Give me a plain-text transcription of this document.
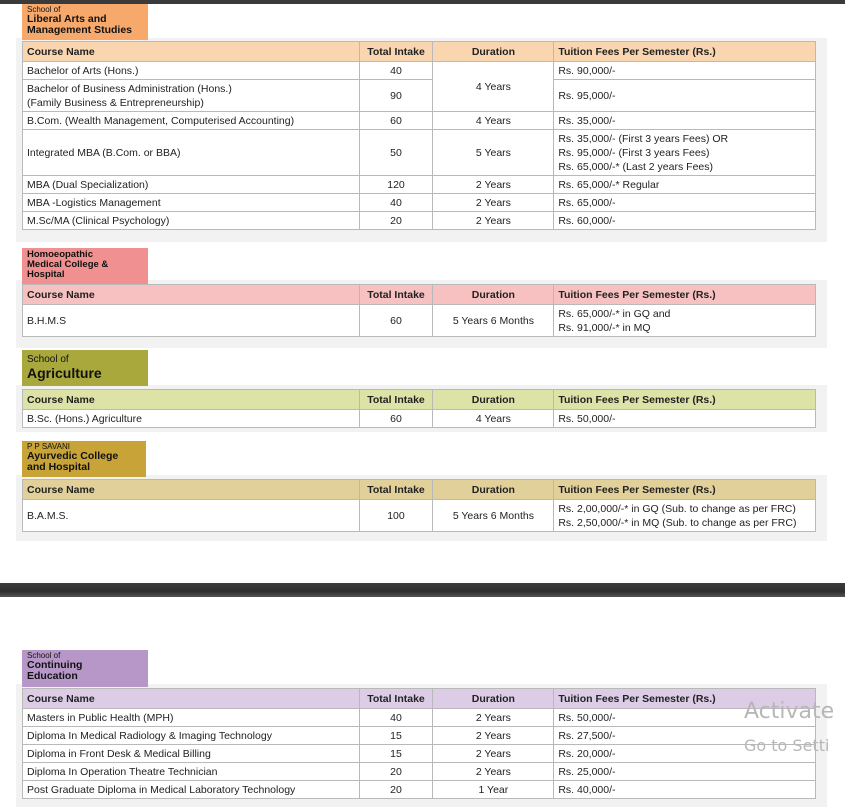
School of
Liberal Arts and
Management Studies
Course Name	Total Intake	Duration	Tuition Fees Per Semester (Rs.)
Bachelor of Arts (Hons.)	40	4 Years	Rs. 90,000/-

Bachelor of Business Administration (Hons.)
(Family Business & Entrepreneurship)	90		Rs. 95,000/-
B.Com. (Wealth Management, Computerised Accounting)	60	4 Years	Rs. 35,000/-
Integrated MBA (B.Com. or BBA)	50	5 Years	Rs. 35,000/- (First 3 years Fees) OR
Rs. 95,000/- (First 3 years Fees)
Rs. 65,000/-* (Last 2 years Fees)

MBA (Dual Specialization)	120	2 Years	Rs. 65,000/-* Regular
MBA -Logistics Management	40	2 Years	Rs. 65,000/-
M.Sc/MA (Clinical Psychology)	20	2 Years	Rs. 60,000/-
Homoeopathic
Medical College &
Hospital
Course Name	Total Intake	Duration	Tuition Fees Per Semester (Rs.)
B.H.M.S	60	5 Years 6 Months	Rs. 65,000/-* in GQ and
Rs. 91,000/-* in MQ
School of
Agriculture
Course Name	Total Intake	Duration	Tuition Fees Per Semester (Rs.)
B.Sc. (Hons.) Agriculture	60	4 Years	Rs. 50,000/-
P P SAVANI
Ayurvedic College
and Hospital
Course Name	Total Intake	Duration	Tuition Fees Per Semester (Rs.)
B.A.M.S.	100	5 Years 6 Months	Rs. 2,00,000/-* in GQ (Sub. to change as per FRC)
Rs. 2,50,000/-* in MQ (Sub. to change as per FRC)
School of
Continuing
Education
Course Name	Total Intake	Duration	Tuition Fees Per Semester (Rs.)
Masters in Public Health (MPH)	40	2 Years	Rs. 50,000/-
Diploma In Medical Radiology & Imaging Technology	15	2 Years	Rs. 27,500/-
Diploma in Front Desk & Medical Billing	15	2 Years	Rs. 20,000/-
Diploma In Operation Theatre Technician	20	2 Years	Rs. 25,000/-
Post Graduate Diploma in Medical Laboratory Technology	20	1 Year	Rs. 40,000/-
Activate
Go to Setti
